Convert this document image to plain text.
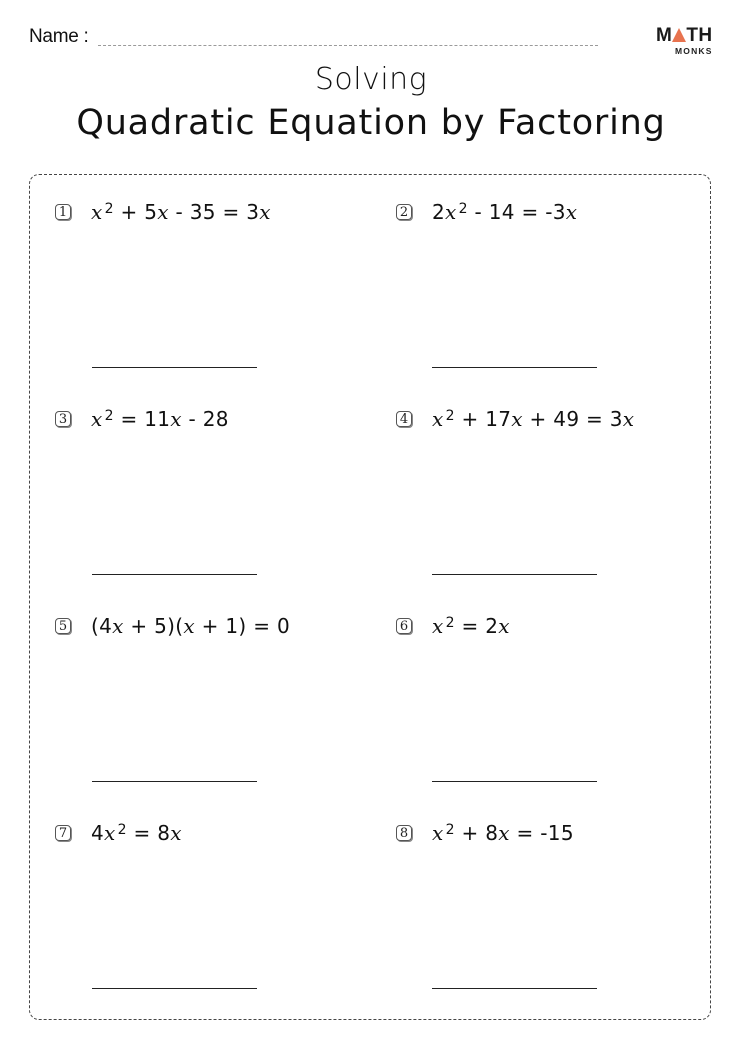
Name :	M TH
MONKS
Solving
Quadratic Equation by Factoring
1 x $^2$ + 5x - 35 = 3x	2 2x $^2$ - 14 = -3x
3 x $^2$ = 11x - 28	4 x $^2$ + 17x + 49 = 3x
5 (4x + 5)(x + 1) = 0	6 x $^2$ = 2x
7 4x $^2$ = 8x	8 x $^2$ + 8x = -15
